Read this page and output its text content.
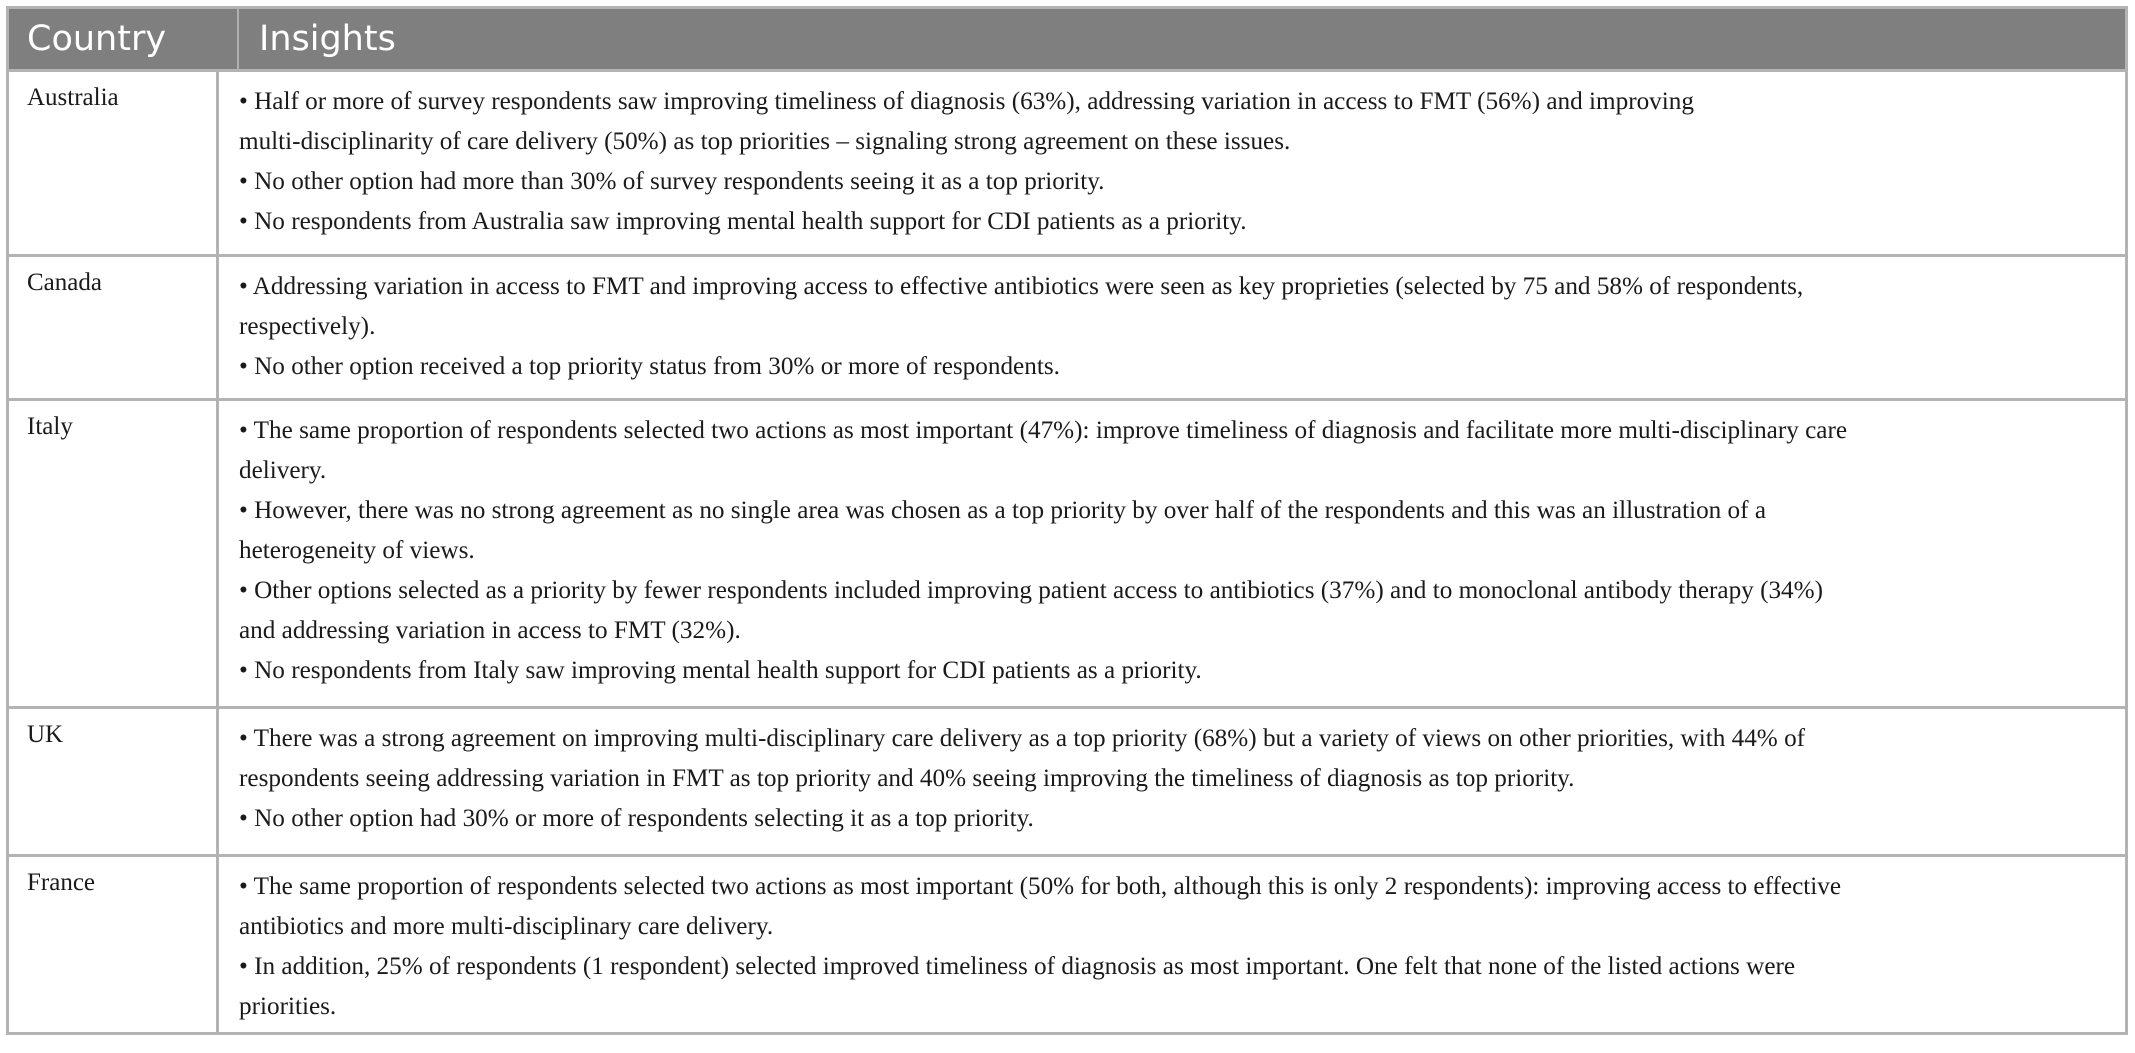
Country	Insights
Australia	• Half or more of survey respondents saw improving timeliness of diagnosis (63%), addressing variation in access to FMT (56%) and improving
multi-disciplinarity of care delivery (50%) as top priorities – signaling strong agreement on these issues.
• No other option had more than 30% of survey respondents seeing it as a top priority.
• No respondents from Australia saw improving mental health support for CDI patients as a priority.
Canada	• Addressing variation in access to FMT and improving access to effective antibiotics were seen as key proprieties (selected by 75 and 58% of respondents,
respectively).
• No other option received a top priority status from 30% or more of respondents.
Italy	• The same proportion of respondents selected two actions as most important (47%): improve timeliness of diagnosis and facilitate more multi-disciplinary care
delivery.
• However, there was no strong agreement as no single area was chosen as a top priority by over half of the respondents and this was an illustration of a
heterogeneity of views.
• Other options selected as a priority by fewer respondents included improving patient access to antibiotics (37%) and to monoclonal antibody therapy (34%)
and addressing variation in access to FMT (32%).
• No respondents from Italy saw improving mental health support for CDI patients as a priority.
UK	• There was a strong agreement on improving multi-disciplinary care delivery as a top priority (68%) but a variety of views on other priorities, with 44% of
respondents seeing addressing variation in FMT as top priority and 40% seeing improving the timeliness of diagnosis as top priority.
• No other option had 30% or more of respondents selecting it as a top priority.
France	• The same proportion of respondents selected two actions as most important (50% for both, although this is only 2 respondents): improving access to effective
antibiotics and more multi-disciplinary care delivery.
• In addition, 25% of respondents (1 respondent) selected improved timeliness of diagnosis as most important. One felt that none of the listed actions were
priorities.
